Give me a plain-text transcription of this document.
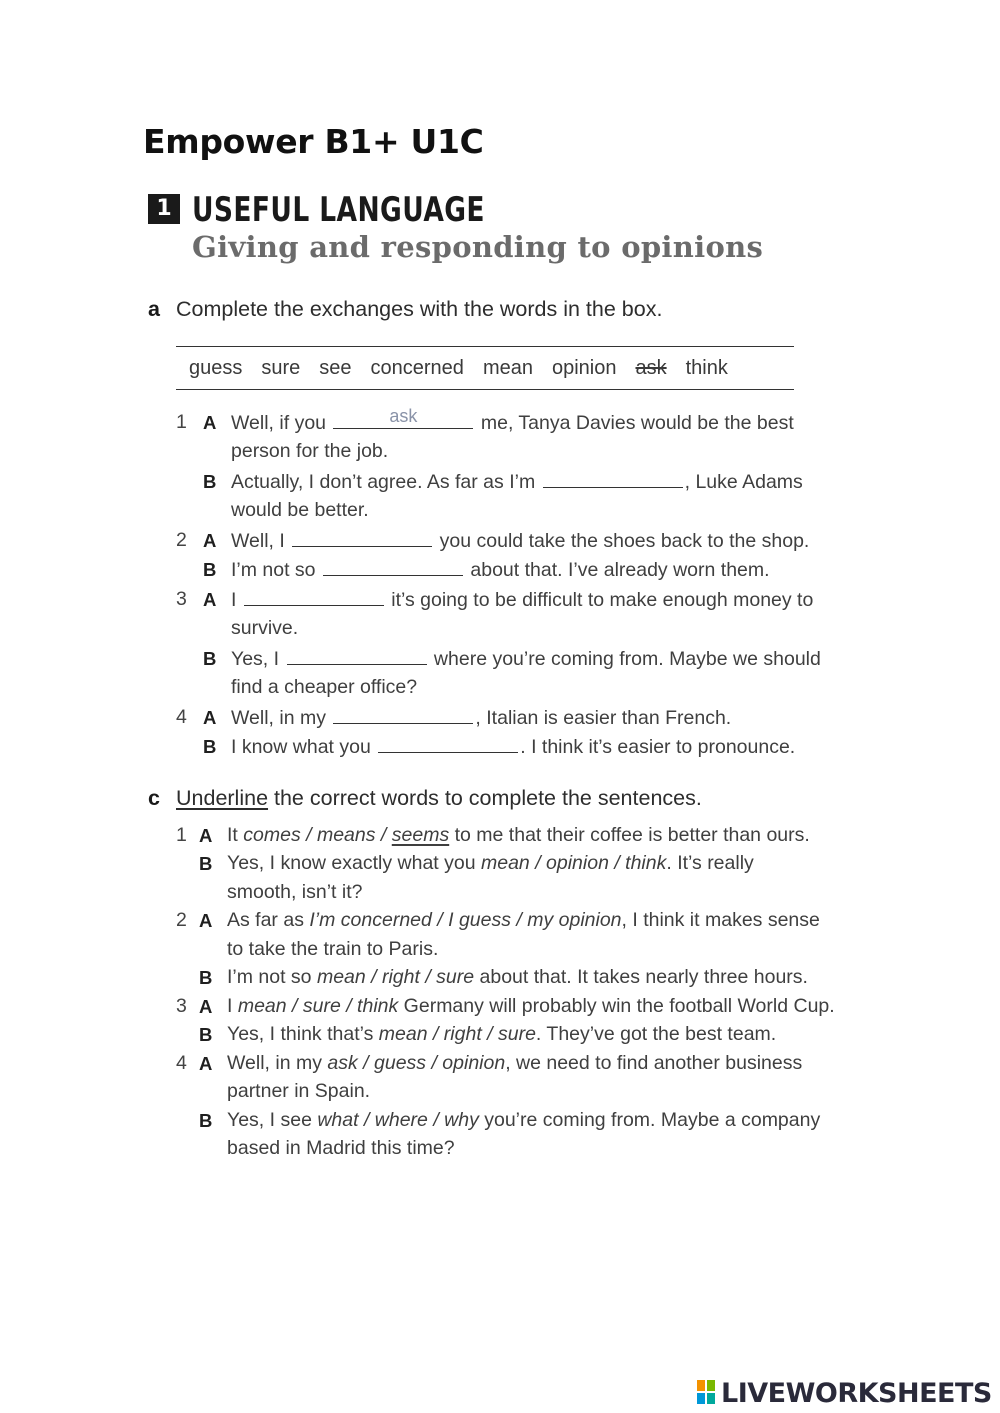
Empower B1+ U1C
1 USEFUL LANGUAGE
Giving and responding to opinions
a Complete the exchanges with the words in the box.
guess sure see concerned mean opinion ask think
1 A Well, if you	ask	me, Tanya Davies would be the best
person for the job.
B Actually, I don’t agree. As far as I’m	, Luke Adams
would be better.
2 A Well, I	you could take the shoes back to the shop.
B I’m not so	about that. I’ve already worn them.
3 A I	it’s going to be difficult to make enough money to
survive.
B Yes, I	where you’re coming from. Maybe we should
find a cheaper office?
4 A Well, in my	, Italian is easier than French.
B I know what you	. I think it’s easier to pronounce.
c Underline the correct words to complete the sentences.
1 A It comes / means / seems to me that their coffee is better than ours.
B Yes, I know exactly what you mean / opinion / think. It’s really
smooth, isn’t it?
2 A As far as I’m concerned / I guess / my opinion, I think it makes sense
to take the train to Paris.
B I’m not so mean / right / sure about that. It takes nearly three hours.
3 A I mean / sure / think Germany will probably win the football World Cup.
B Yes, I think that’s mean / right / sure. They’ve got the best team.
4 A Well, in my ask / guess / opinion, we need to find another business
partner in Spain.
B Yes, I see what / where / why you’re coming from. Maybe a company
based in Madrid this time?
LIVEWORKSHEETS
